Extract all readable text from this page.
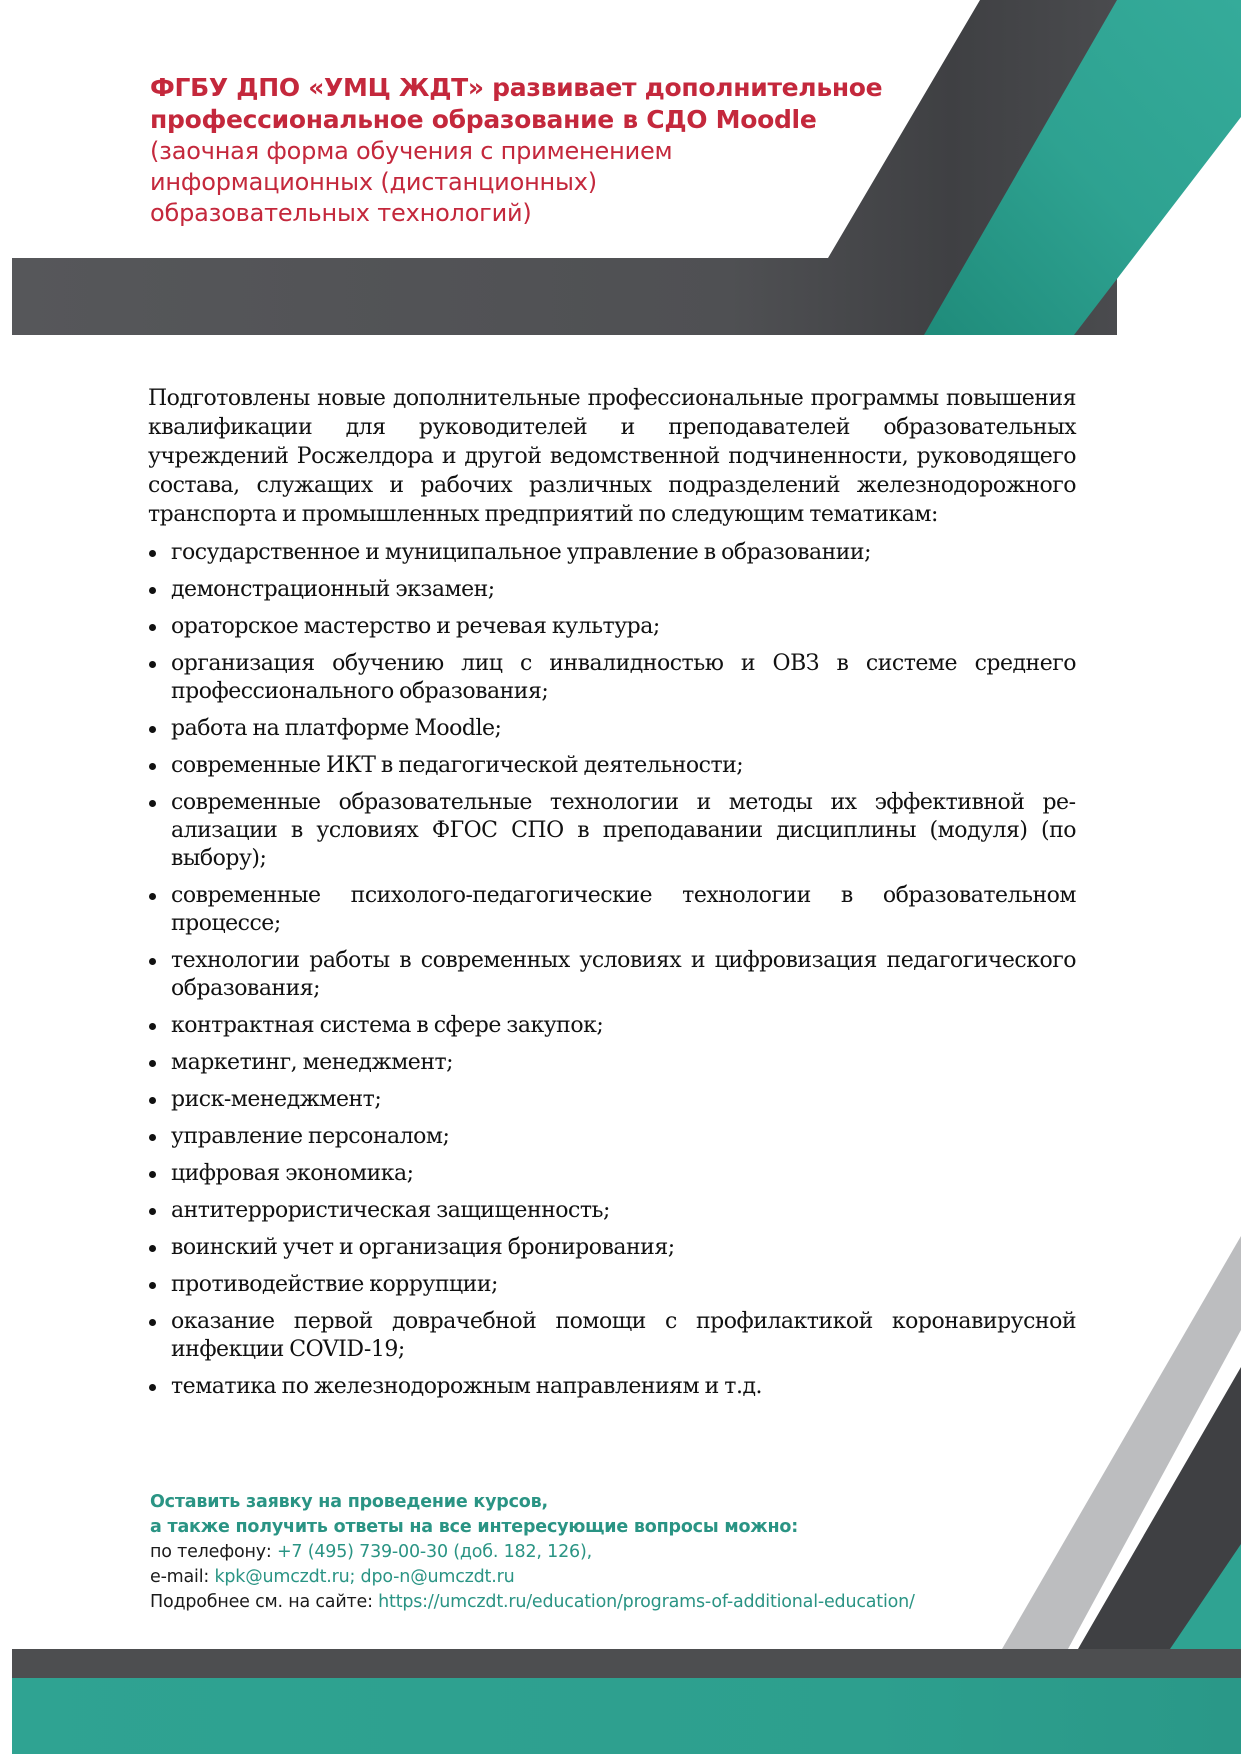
ФГБУ ДПО «УМЦ ЖДТ» развивает дополнительное
профессиональное образование в СДО Moodle
(заочная форма обучения с применением
информационных (дистанционных)
образовательных технологий)

Подготовлены новые дополнительные профессиональные программы повышения квалификации для руководителей и преподавателей образовательных учреждений Росжелдора и другой ведомственной подчиненности, руководящего состава, служащих и рабочих различных подразделений железнодорожного транспорта и промышленных предприятий по следующим тематикам:

государственное и муниципальное управление в образовании;
демонстрационный экзамен;
ораторское мастерство и речевая культура;
организация обучению лиц с инвалидностью и ОВЗ в системе среднего профессионального образования;
работа на платформе Moodle;
современные ИКТ в педагогической деятельности;
современные образовательные технологии и методы их эффективной реализации в условиях ФГОС СПО в преподавании дисциплины (модуля) (по выбору);
современные психолого-педагогические технологии в образовательном процессе;
технологии работы в современных условиях и цифровизация педагогического образования;
контрактная система в сфере закупок;
маркетинг, менеджмент;
риск-менеджмент;
управление персоналом;
цифровая экономика;
антитеррористическая защищенность;
воинский учет и организация бронирования;
противодействие коррупции;
оказание первой доврачебной помощи с профилактикой коронавирусной инфекции COVID-19;
тематика по железнодорожным направлениям и т.д.
Оставить заявку на проведение курсов,
а также получить ответы на все интересующие вопросы можно:
по телефону: +7 (495) 739-00-30 (доб. 182, 126),
e-mail: kpk@umczdt.ru; dpo-n@umczdt.ru
Подробнее см. на сайте: https://umczdt.ru/education/programs-of-additional-education/
